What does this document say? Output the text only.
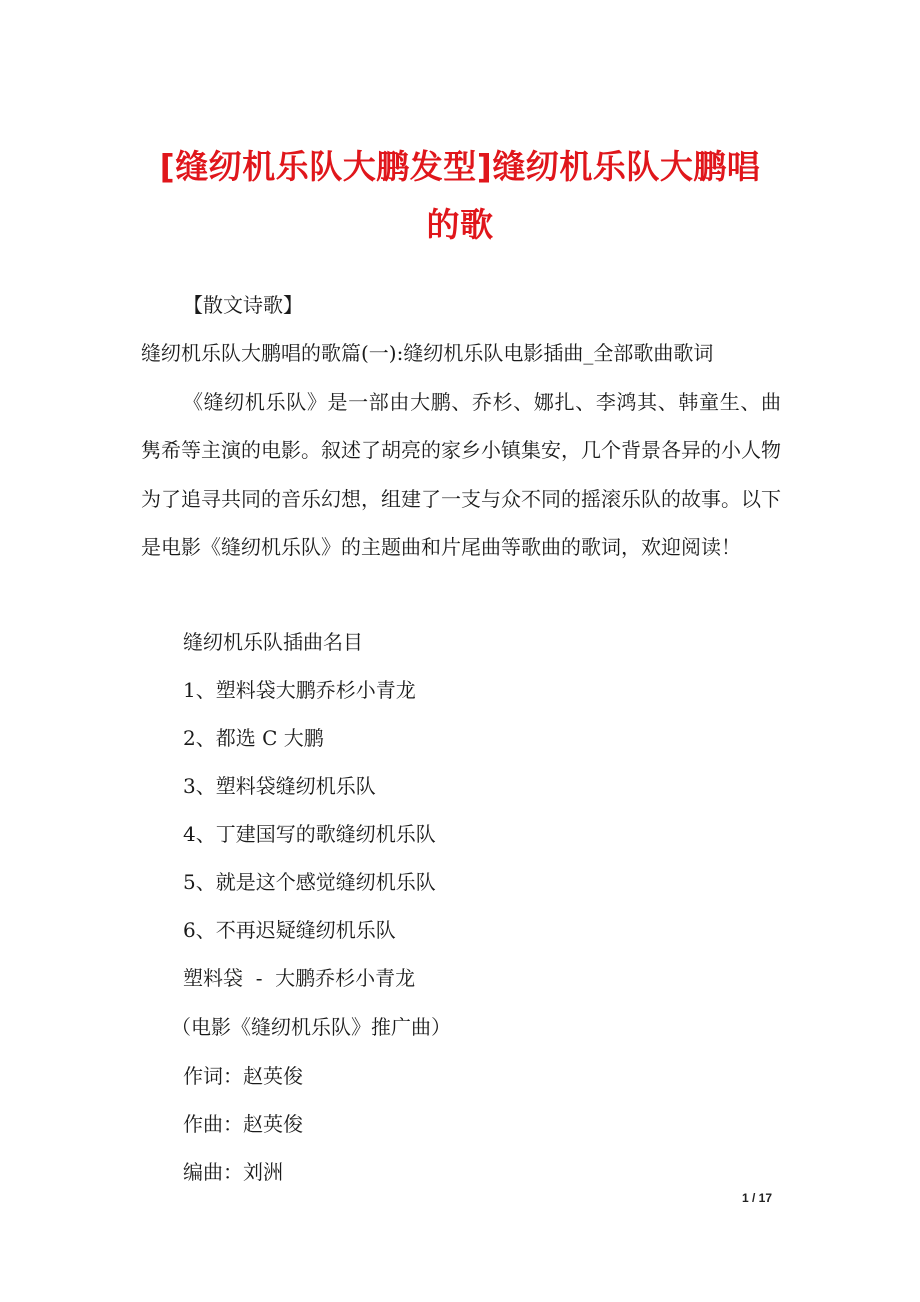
[缝纫机乐队大鹏发型]缝纫机乐队大鹏唱
的歌
【散文诗歌】
缝纫机乐队大鹏唱的歌篇(一):缝纫机乐队电影插曲_全部歌曲歌词
《缝纫机乐队》是一部由大鹏、乔杉、娜扎、李鸿其、韩童生、曲隽希等主演的电影。叙述了胡亮的家乡小镇集安，几个背景各异的小人物为了追寻共同的音乐幻想，组建了一支与众不同的摇滚乐队的故事。以下是电影《缝纫机乐队》的主题曲和片尾曲等歌曲的歌词，欢迎阅读！
缝纫机乐队插曲名目
1、塑料袋大鹏乔杉小青龙
2、都选 C 大鹏
3、塑料袋缝纫机乐队
4、丁建国写的歌缝纫机乐队
5、就是这个感觉缝纫机乐队
6、不再迟疑缝纫机乐队
塑料袋  -  大鹏乔杉小青龙
（电影《缝纫机乐队》推广曲）
作词：赵英俊
作曲：赵英俊
编曲：刘洲
1 / 17
